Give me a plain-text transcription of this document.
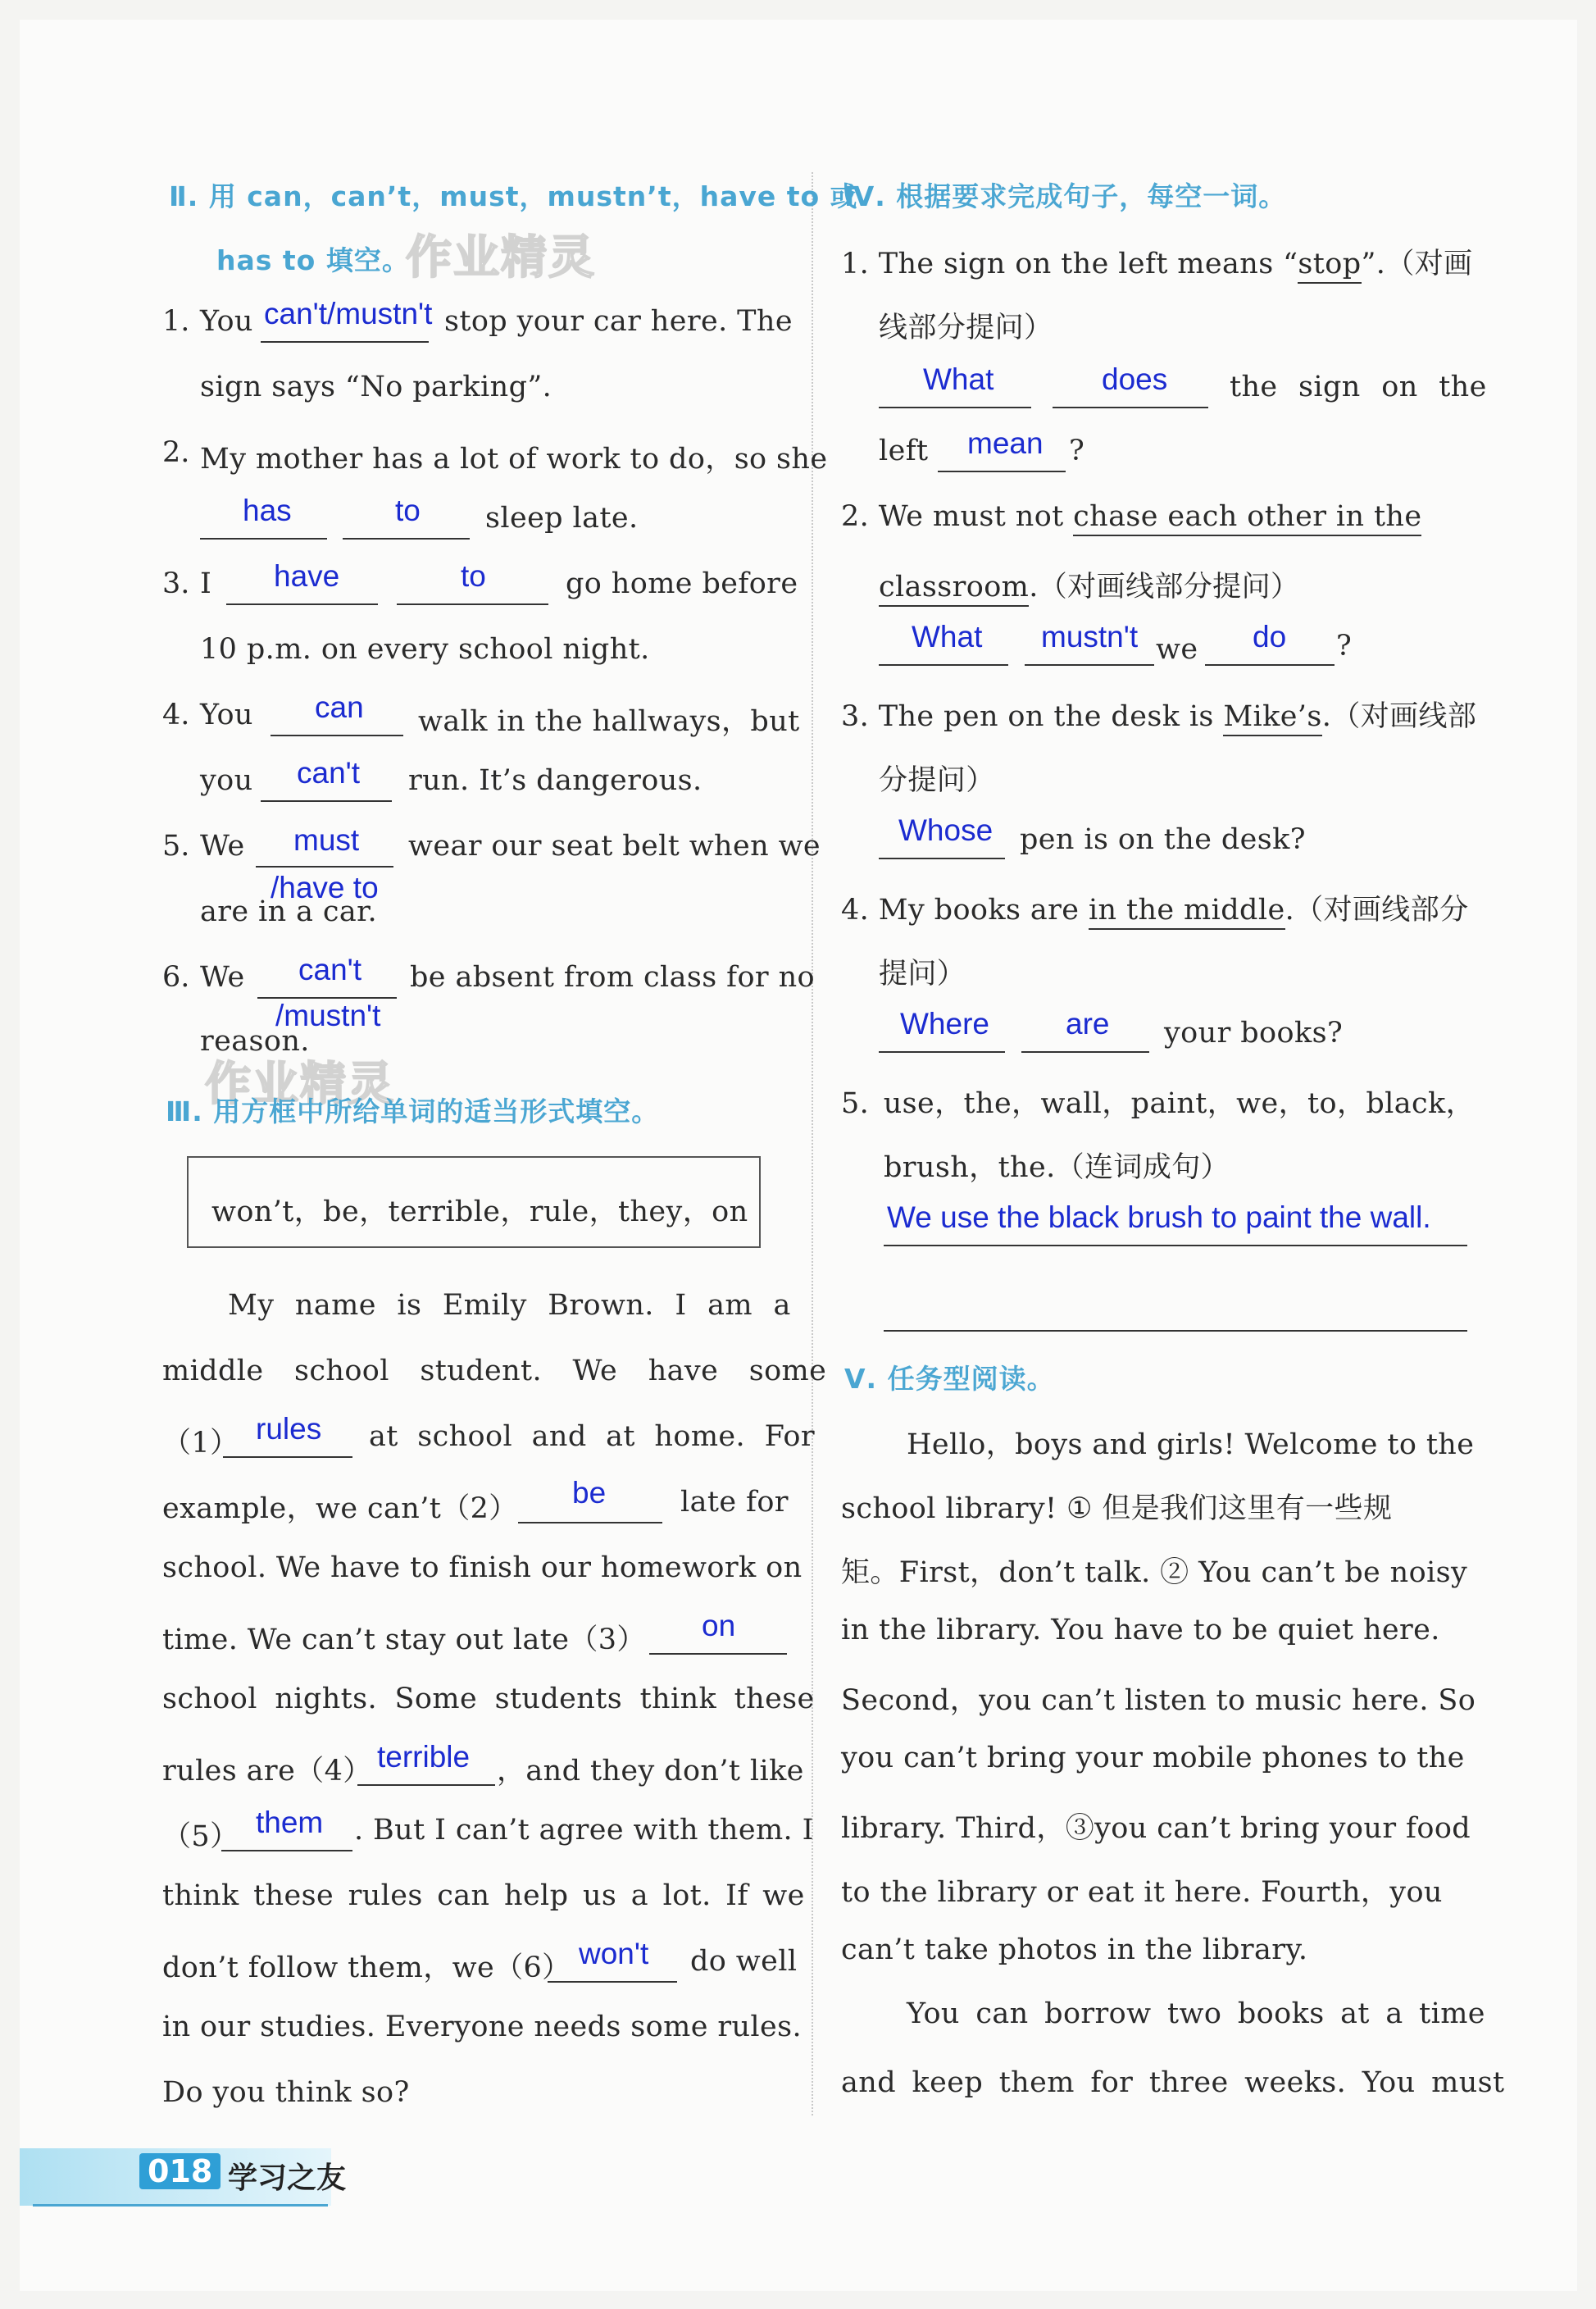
Ⅱ. 用 can，can’t，must，mustn’t，have to 或
has to 填空。
作业精灵
1. You can't/mustn't stop your car here. The
sign says “No parking”.
2. My mother has a lot of work to do，so she
has	to sleep late.
3. I have	to	go home before
10 p.m. on every school night.
4. You can walk in the hallways，but
you can't run. It’s dangerous.
5. We must wear our seat belt when we
are in a car.
/have to
6. We can't be absent from class for no
reason.
/mustn't
作业精灵
Ⅲ. 用方框中所给单词的适当形式填空。
won’t，be，terrible，rule，they，on
My name is Emily Brown. I am a
middle school student. We have some
（1） rules at school and at home. For
example，we can’t（2） be	late for
school. We have to finish our homework on
time. We can’t stay out late（3） on
school nights. Some students think these
rules are（4） terrible ，and they don’t like
（5） them . But I can’t agree with them. I
think these rules can help us a lot. If we
don’t follow them，we（6） won't do well
in our studies. Everyone needs some rules.
Do you think so?
Ⅳ. 根据要求完成句子，每空一词。
1. The sign on the left means “stop”.（对画
线部分提问）
What	does the sign on the
left mean ?
2. We must not chase each other in the
classroom.（对画线部分提问）
What mustn't we do ?
3. The pen on the desk is Mike’s.（对画线部
分提问）
Whose pen is on the desk?
4. My books are in the middle.（对画线部分
提问）
Where	are your books?
5. use，the，wall，paint，we，to，black，
brush，the.（连词成句）
We use the black brush to paint the wall.
Ⅴ. 任务型阅读。
Hello，boys and girls! Welcome to the
school library! ① 但是我们这里有一些规
矩。First，don’t talk. ② You can’t be noisy
in the library. You have to be quiet here.
Second，you can’t listen to music here. So
you can’t bring your mobile phones to the
library. Third，③you can’t bring your food
to the library or eat it here. Fourth，you
can’t take photos in the library.
You can borrow two books at a time
and keep them for three weeks. You must
018 学习之友
